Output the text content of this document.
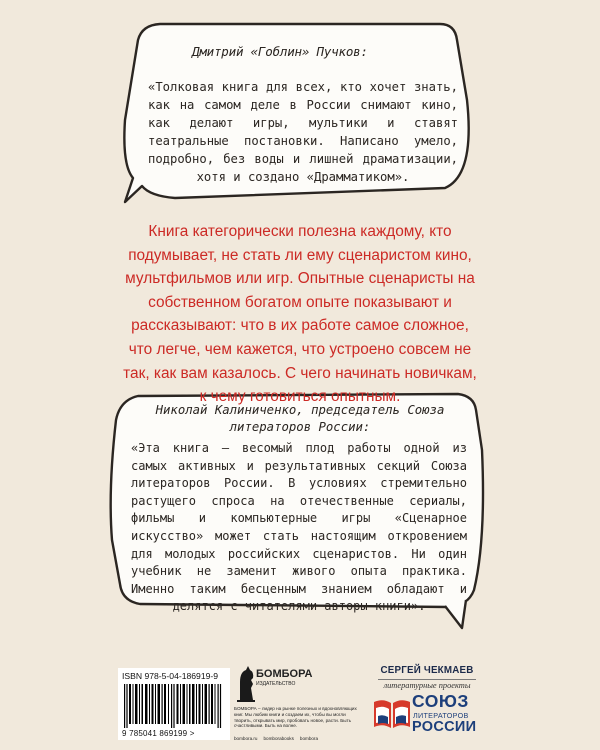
Дмитрий «Гоблин» Пучков:
«Толковая книга для всех, кто хочет знать, как на самом деле в России снимают кино, как делают игры, мультики и ставят театральные постановки. Написано умело, подробно, без воды и лишней драматизации, хотя и создано «Драмматиком».
Книга категорически полезна каждому, кто подумывает, не стать ли ему сценаристом кино, мультфильмов или игр. Опытные сценаристы на собственном богатом опыте показывают и рассказывают: что в их работе самое сложное, что легче, чем кажется, что устроено совсем не так, как вам казалось. С чего начинать новичкам, к чему готовиться опытным.
Николай Калиниченко, председатель Союза литераторов России:
«Эта книга – весомый плод работы одной из самых активных и результативных секций Союза литераторов России. В условиях стремительно растущего спроса на отечественные сериалы, фильмы и компьютерные игры «Сценарное искусство» может стать настоящим откровением для молодых российских сценаристов. Ни один учебник не заменит живого опыта практика. Именно таким бесценным знанием обладают и делятся с читателями авторы книги».
ISBN 978-5-04-186919-9
9 785041 869199 >
БОМБОРА
ИЗДАТЕЛЬСТВО
БОМБОРА – лидер на рынке полезных и вдохновляющих книг. Мы любим книги и создаем их, чтобы вы могли творить, открывать мир, пробовать новое, расти. Быть счастливыми. Быть на волне.
bombora.ru bomborabooks bombora
СЕРГЕЙ ЧЕКМАЕВ
литературные проекты
СОЮЗ
ЛИТЕРАТОРОВ
РОССИИ
